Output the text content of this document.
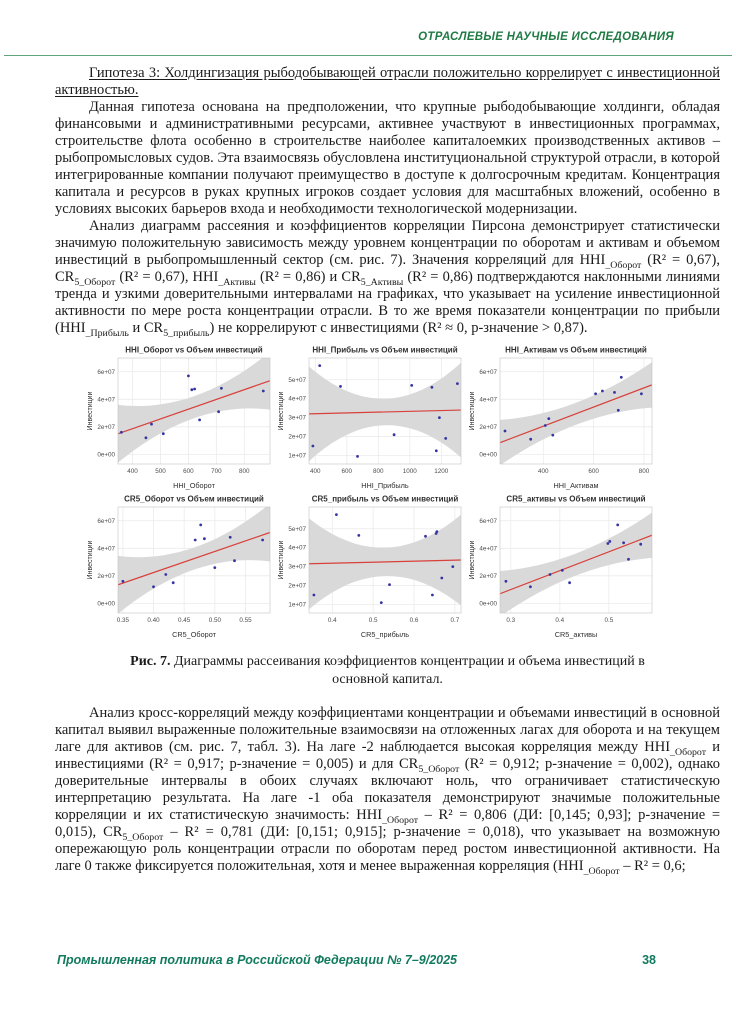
ОТРАСЛЕВЫЕ НАУЧНЫЕ ИССЛЕДОВАНИЯ

Гипотеза 3: Холдингизация рыбодобывающей отрасли положительно коррелирует с инвестиционной активностью.

Данная гипотеза основана на предположении, что крупные рыбодобывающие холдинги, обладая финансовыми и административными ресурсами, активнее участвуют в инвестиционных программах, строительстве флота особенно в строительстве наиболее капиталоемких производственных активов – рыбопромысловых судов. Эта взаимосвязь обусловлена институциональной структурой отрасли, в которой интегрированные компании получают преимущество в доступе к долгосрочным кредитам. Концентрация капитала и ресурсов в руках крупных игроков создает условия для масштабных вложений, особенно в условиях высоких барьеров входа и необходимости технологической модернизации.

Анализ диаграмм рассеяния и коэффициентов корреляции Пирсона демонстрирует статистически значимую положительную зависимость между уровнем концентрации по оборотам и активам и объемом инвестиций в рыбопромышленный сектор (см. рис. 7). Значения корреляций для $HHI_{\_Оборот}$ (R² = 0,67), $CR_{5\_Оборот}$ (R² = 0,67), $HHI_{\_Активы}$ (R² = 0,86) и $CR_{5\_Активы}$ (R² = 0,86) подтверждаются наклонными линиями тренда и узкими доверительными интервалами на графиках, что указывает на усиление инвестиционной активности по мере роста концентрации отрасли. В то же время показатели концентрации по прибыли ($HHI_{\_Прибыль}$ и $CR_{5\_прибыль}$) не коррелируют с инвестициями (R² ≈ 0, p-значение > 0,87).

400	500	600	700	800
0e+00
2e+07
4e+07
6e+07
HHI_Оборот vs Объем инвестиций
HHI_Оборот
Инвестиции
400	600	800	1000	1200
1e+07
2e+07
3e+07
4e+07
5e+07
HHI_Прибыль vs Объем инвестиций
HHI_Прибыль
Инвестиции
400	600	800
0e+00
2e+07
4e+07
6e+07
HHI_Активам vs Объем инвестиций
HHI_Активам
Инвестиции
0.35	0.40	0.45	0.50	0.55
0e+00
2e+07
4e+07
6e+07
CR5_Оборот vs Объем инвестиций
CR5_Оборот
Инвестиции
0.4	0.5	0.6	0.7
1e+07
2e+07
3e+07
4e+07
5e+07
CR5_прибыль vs Объем инвестиций
CR5_прибыль
Инвестиции
0.3	0.4	0.5
0e+00
2e+07
4e+07
6e+07
CR5_активы vs Объем инвестиций
CR5_активы
Инвестиции
Рис. 7. Диаграммы рассеивания коэффициентов концентрации и объема инвестиций в основной капитал.

Анализ кросс-корреляций между коэффициентами концентрации и объемами инвестиций в основной капитал выявил выраженные положительные взаимосвязи на отложенных лагах для оборота и на текущем лаге для активов (см. рис. 7, табл. 3). На лаге -2 наблюдается высокая корреляция между $HHI_{\_Оборот}$ и инвестициями (R² = 0,917; p-значение = 0,005) и для $CR_{5\_Оборот}$ (R² = 0,912; p-значение = 0,002), однако доверительные интервалы в обоих случаях включают ноль, что ограничивает статистическую интерпретацию результата. На лаге -1 оба показателя демонстрируют значимые положительные корреляции и их статистическую значимость: $HHI_{\_Оборот} - R^2 = 0,806$ (ДИ: [0,145; 0,93]; p-значение = 0,015), $CR_{5\_Оборот} - R^2 = 0,781$ (ДИ: [0,151; 0,915]; p-значение = 0,018), что указывает на возможную опережающую роль концентрации отрасли по оборотам перед ростом инвестиционной активности. На лаге 0 также фиксируется положительная, хотя и менее выраженная корреляция ($HHI_{\_Оборот} - R^2 = 0,6$;

Промышленная политика в Российской Федерации № 7–9/2025	38
